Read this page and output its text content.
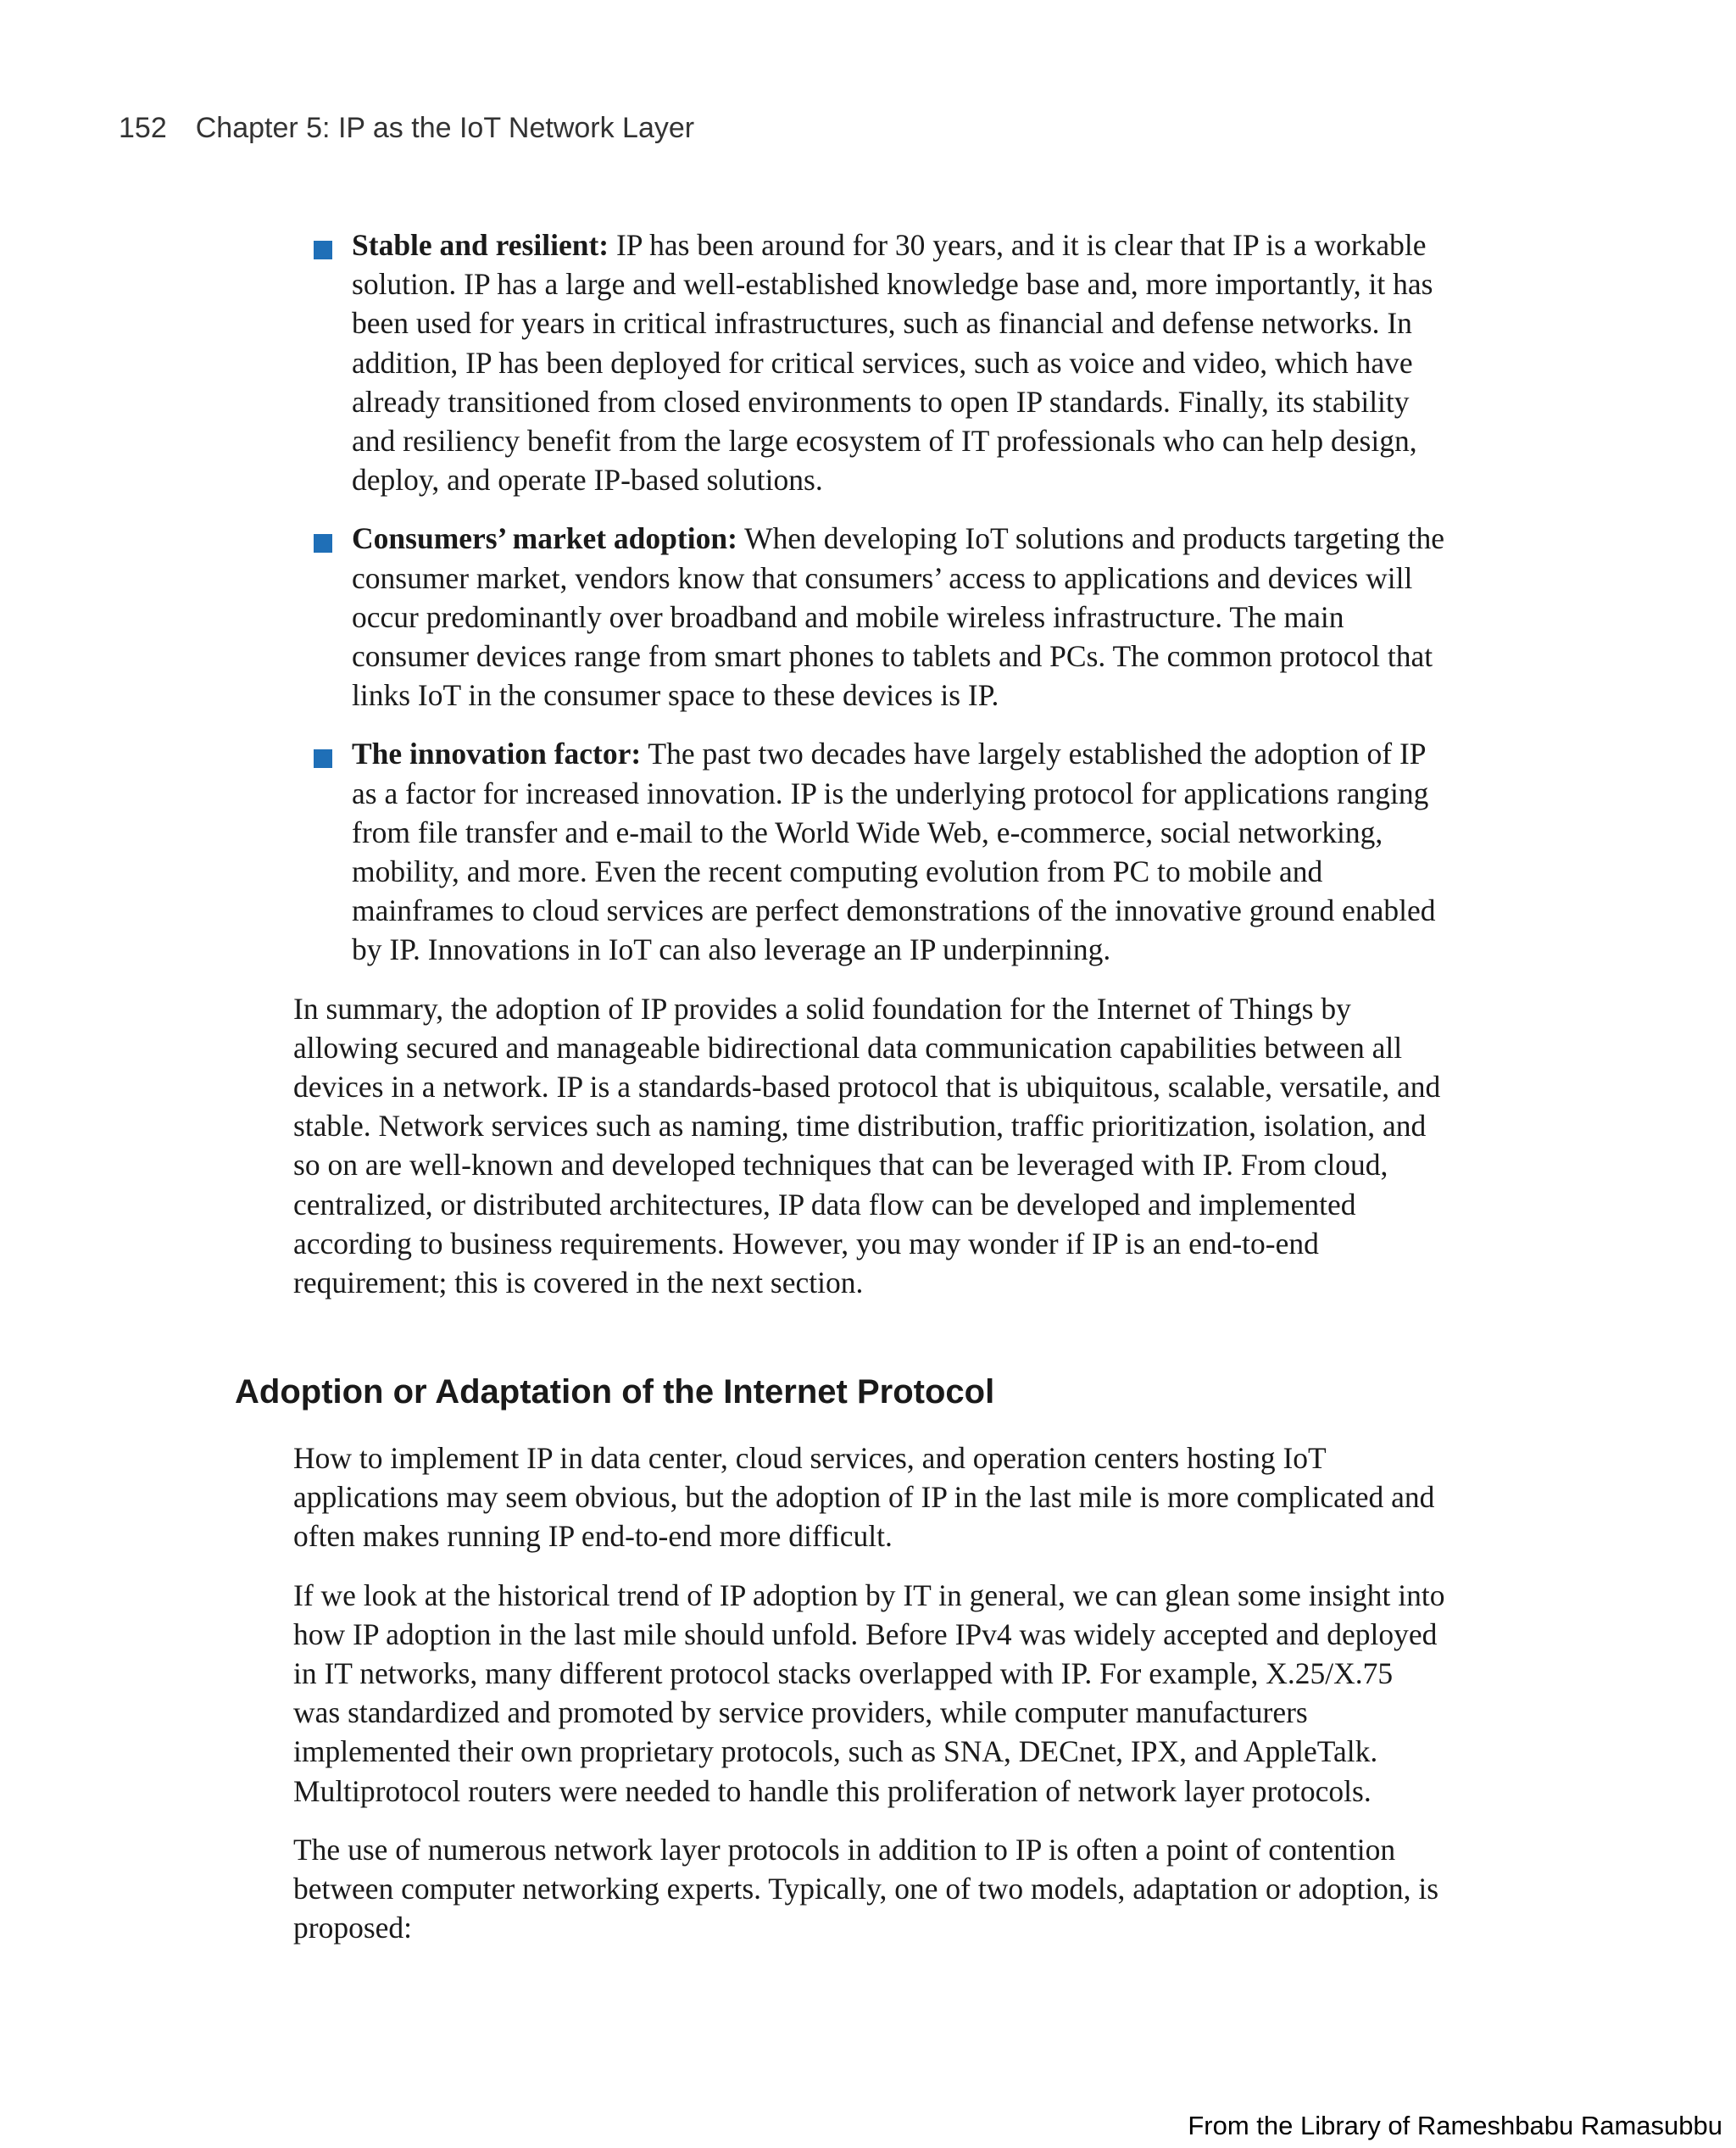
152 Chapter 5: IP as the IoT Network Layer
Stable and resilient: IP has been around for 30 years, and it is clear that IP is a workable solution. IP has a large and well-established knowledge base and, more importantly, it has been used for years in critical infrastructures, such as financial and defense networks. In addition, IP has been deployed for critical services, such as voice and video, which have already transitioned from closed environments to open IP standards. Finally, its stability and resiliency benefit from the large ecosystem of IT professionals who can help design, deploy, and operate IP-based solutions.
Consumers’ market adoption: When developing IoT solutions and products targeting the consumer market, vendors know that consumers’ access to applications and devices will occur predominantly over broadband and mobile wireless infrastructure. The main consumer devices range from smart phones to tablets and PCs. The common protocol that links IoT in the consumer space to these devices is IP.
The innovation factor: The past two decades have largely established the adoption of IP as a factor for increased innovation. IP is the underlying protocol for applications ranging from file transfer and e-mail to the World Wide Web, e-commerce, social networking, mobility, and more. Even the recent computing evolution from PC to mobile and mainframes to cloud services are perfect demonstrations of the innovative ground enabled by IP. Innovations in IoT can also leverage an IP underpinning.

In summary, the adoption of IP provides a solid foundation for the Internet of Things by allowing secured and manageable bidirectional data communication capabilities between all devices in a network. IP is a standards-based protocol that is ubiquitous, scalable, versatile, and stable. Network services such as naming, time distribution, traffic prioritization, isolation, and so on are well-known and developed techniques that can be leveraged with IP. From cloud, centralized, or distributed architectures, IP data flow can be developed and implemented according to business requirements. However, you may wonder if IP is an end-to-end requirement; this is covered in the next section.

Adoption or Adaptation of the Internet Protocol

How to implement IP in data center, cloud services, and operation centers hosting IoT applications may seem obvious, but the adoption of IP in the last mile is more complicated and often makes running IP end-to-end more difficult.

If we look at the historical trend of IP adoption by IT in general, we can glean some insight into how IP adoption in the last mile should unfold. Before IPv4 was widely accepted and deployed in IT networks, many different protocol stacks overlapped with IP. For example, X.25/X.75 was standardized and promoted by service providers, while computer manufacturers implemented their own proprietary protocols, such as SNA, DECnet, IPX, and AppleTalk. Multiprotocol routers were needed to handle this proliferation of network layer protocols.

The use of numerous network layer protocols in addition to IP is often a point of contention between computer networking experts. Typically, one of two models, adaptation or adoption, is proposed:

From the Library of Rameshbabu Ramasubbu
